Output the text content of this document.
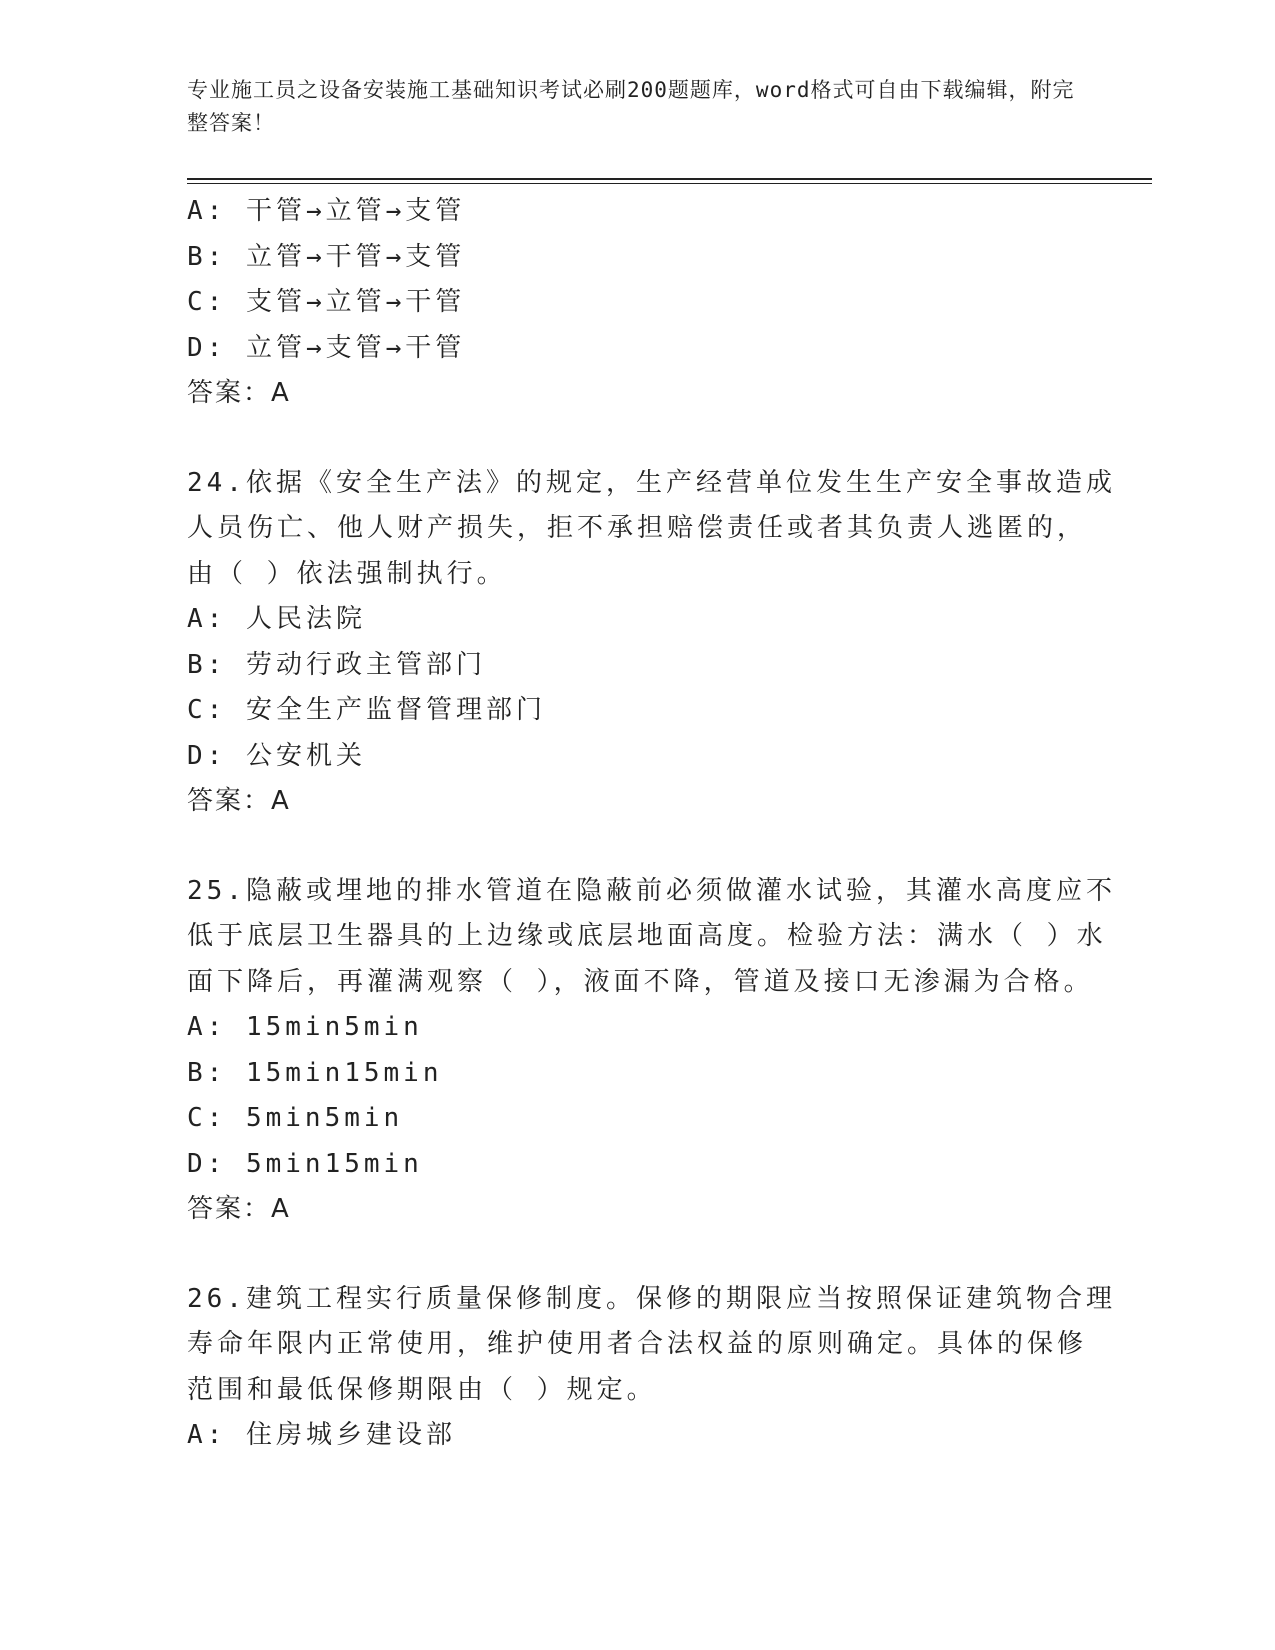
专业施工员之设备安装施工基础知识考试必刷200题题库，word格式可自由下载编辑，附完整答案！
A: 干管→立管→支管
B: 立管→干管→支管
C: 支管→立管→干管
D: 立管→支管→干管
答案：A
24.依据《安全生产法》的规定，生产经营单位发生生产安全事故造成
人员伤亡、他人财产损失，拒不承担赔偿责任或者其负责人逃匿的，
由（ ）依法强制执行。
A: 人民法院
B: 劳动行政主管部门
C: 安全生产监督管理部门
D: 公安机关
答案：A
25.隐蔽或埋地的排水管道在隐蔽前必须做灌水试验，其灌水高度应不
低于底层卫生器具的上边缘或底层地面高度。检验方法：满水（ ）水
面下降后，再灌满观察（ ），液面不降，管道及接口无渗漏为合格。
A: 15min5min
B: 15min15min
C: 5min5min
D: 5min15min
答案：A
26.建筑工程实行质量保修制度。保修的期限应当按照保证建筑物合理
寿命年限内正常使用，维护使用者合法权益的原则确定。具体的保修
范围和最低保修期限由（ ）规定。
A: 住房城乡建设部
